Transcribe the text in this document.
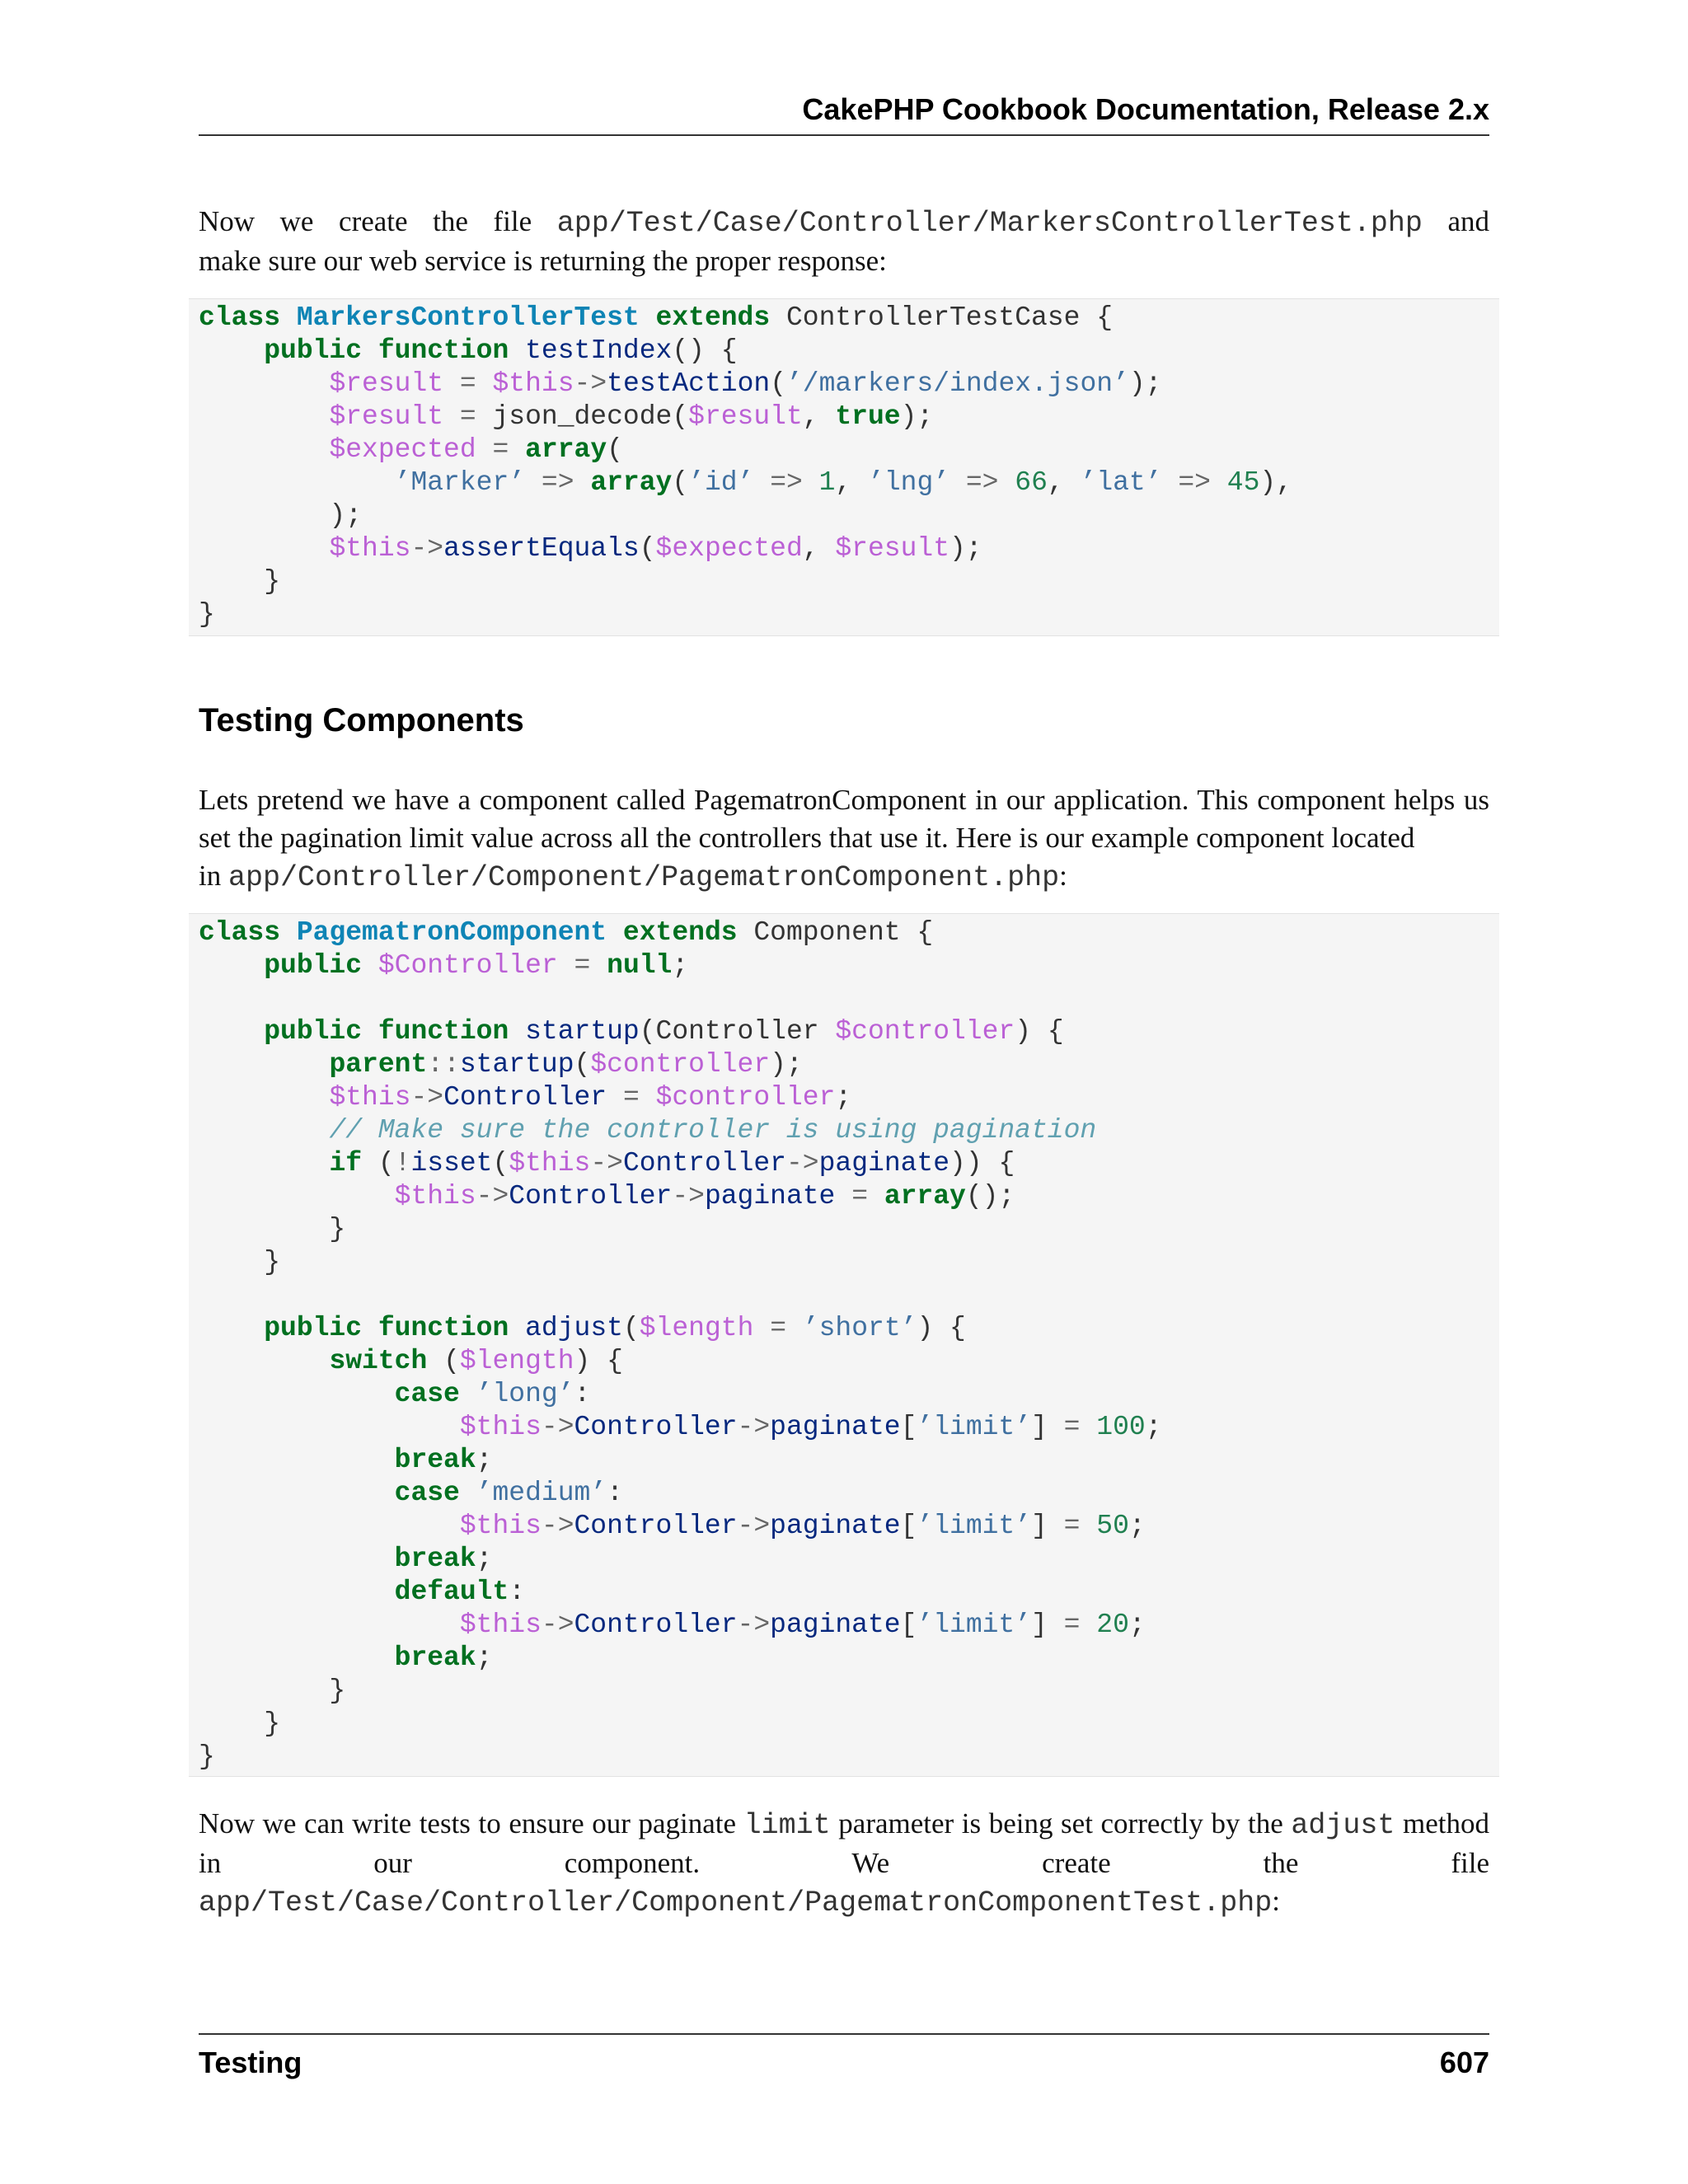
CakePHP Cookbook Documentation, Release 2.x
Now we create the file app/Test/Case/Controller/MarkersControllerTest.php and
make sure our web service is returning the proper response:
class MarkersControllerTest extends ControllerTestCase {
public function testIndex() {
$result = $this->testAction(’/markers/index.json’);
$result = json_decode($result, true);
$expected = array(
’Marker’ => array(’id’ => 1, ’lng’ => 66, ’lat’ => 45),
);
$this->assertEquals($expected, $result);
}
}
Testing Components
Lets pretend we have a component called PagematronComponent in our application. This component helps us set the pagination limit value across all the controllers that use it. Here is our example component located
in app/Controller/Component/PagematronComponent.php:
class PagematronComponent extends Component {
public $Controller = null;
public function startup(Controller $controller) {
parent::startup($controller);
$this->Controller = $controller;
// Make sure the controller is using pagination
if (!isset($this->Controller->paginate)) {
$this->Controller->paginate = array();
}
}
public function adjust($length = ’short’) {
switch ($length) {
case ’long’:
$this->Controller->paginate[’limit’] = 100;
break;
case ’medium’:
$this->Controller->paginate[’limit’] = 50;
break;
default:
$this->Controller->paginate[’limit’] = 20;
break;
}
}
}
Now we can write tests to ensure our paginate limit parameter is being set correctly by the adjust method in our component. We create the file
app/Test/Case/Controller/Component/PagematronComponentTest.php:
Testing	607
